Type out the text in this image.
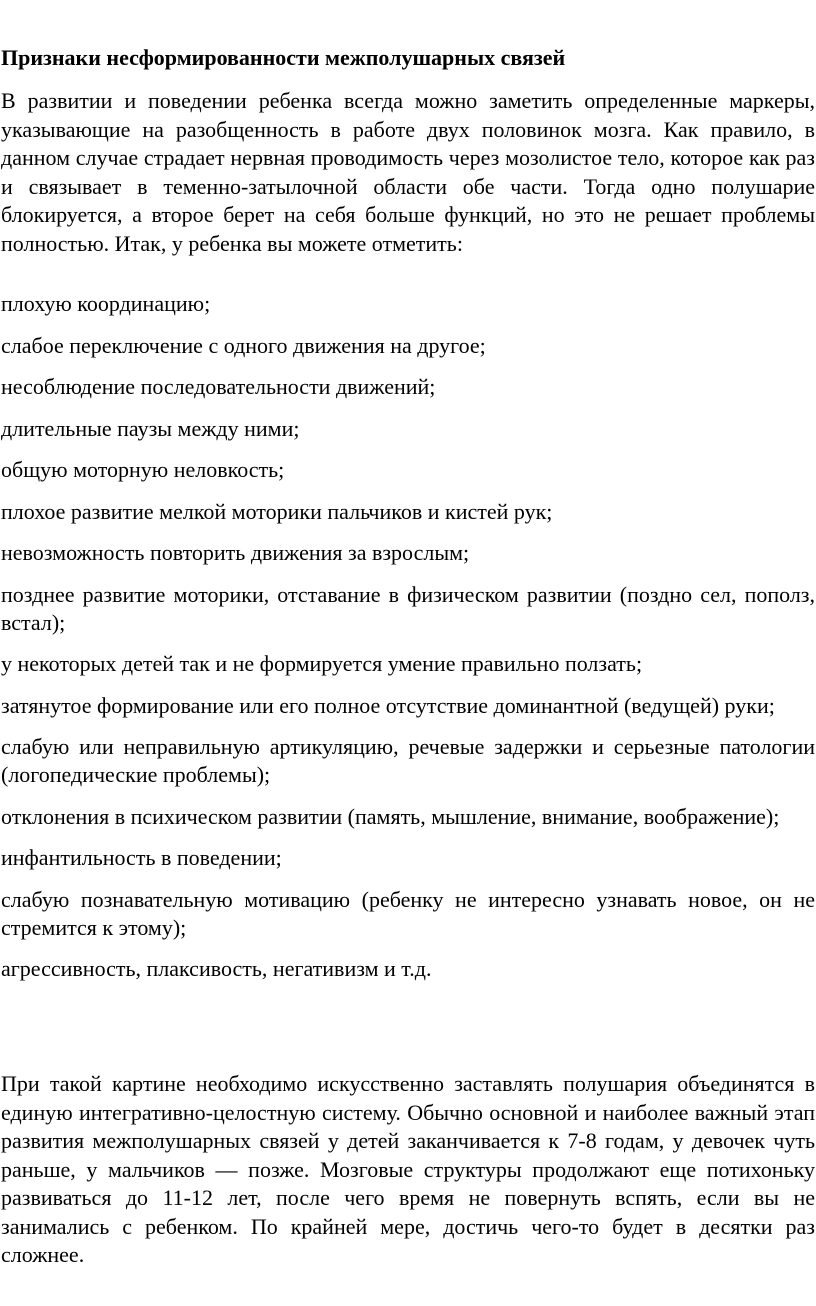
Признаки несформированности межполушарных связей

В развитии и поведении ребенка всегда можно заметить определенные маркеры, указывающие на разобщенность в работе двух половинок мозга. Как правило, в данном случае страдает нервная проводимость через мозолистое тело, которое как раз и связывает в теменно-затылочной области обе части. Тогда одно полушарие блокируется, а второе берет на себя больше функций, но это не решает проблемы полностью. Итак, у ребенка вы можете отметить:

плохую координацию;
слабое переключение с одного движения на другое;
несоблюдение последовательности движений;
длительные паузы между ними;
общую моторную неловкость;
плохое развитие мелкой моторики пальчиков и кистей рук;
невозможность повторить движения за взрослым;
позднее развитие моторики, отставание в физическом развитии (поздно сел, пополз, встал);
у некоторых детей так и не формируется умение правильно ползать;
затянутое формирование или его полное отсутствие доминантной (ведущей) руки;
слабую или неправильную артикуляцию, речевые задержки и серьезные патологии (логопедические проблемы);
отклонения в психическом развитии (память, мышление, внимание, воображение);
инфантильность в поведении;
слабую познавательную мотивацию (ребенку не интересно узнавать новое, он не стремится к этому);
агрессивность, плаксивость, негативизм и т.д.

При такой картине необходимо искусственно заставлять полушария объединятся в единую интегративно-целостную систему. Обычно основной и наиболее важный этап развития межполушарных связей у детей заканчивается к 7-8 годам, у девочек чуть раньше, у мальчиков — позже. Мозговые структуры продолжают еще потихоньку развиваться до 11-12 лет, после чего время не повернуть вспять, если вы не занимались с ребенком. По крайней мере, достичь чего-то будет в десятки раз сложнее.
